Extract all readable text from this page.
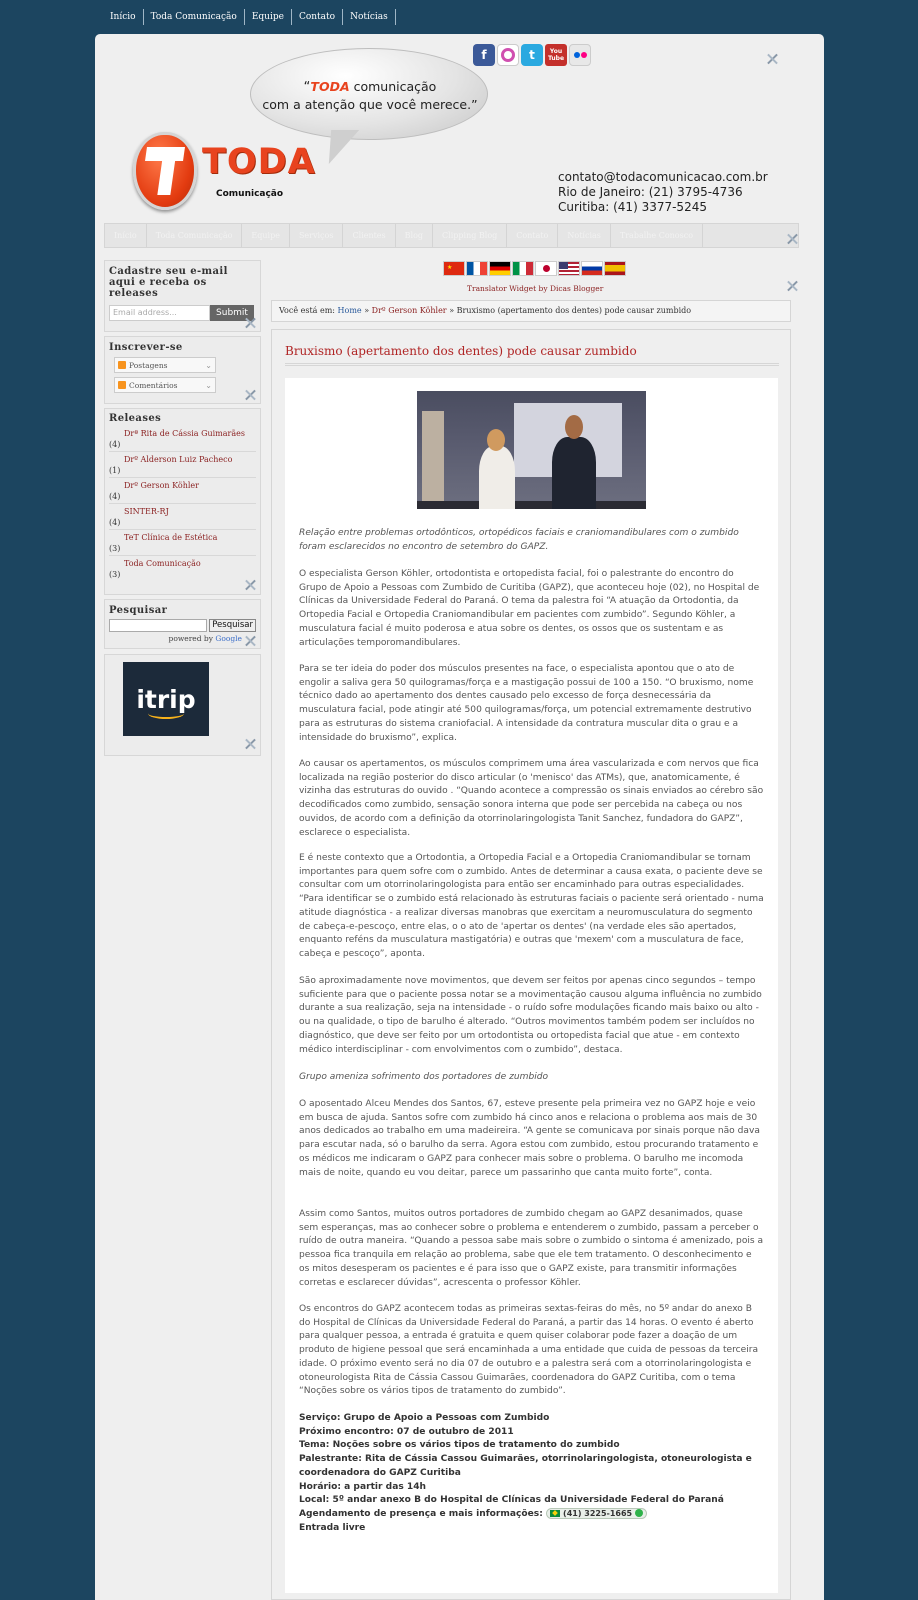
Início	Toda Comunicação	Equipe	Contato	Notícias
f	t	You
Tube
“TODA comunicação
com a atenção que você merece.”
TODA
Comunicação
contato@todacomunicacao.com.br
Rio de Janeiro: (21) 3795-4736
Curitiba: (41) 3377-5245
Início	Toda Comunicação	Equipe	Serviços	Clientes	Blog	Clipping Blog	Contato	Notícias	Trabalhe Conosco
Cadastre seu e-mail aqui e receba os releases
Email address...	Submit
Inscrever-se
Postagens	⌄
Comentários	⌄
Releases
Drª Rita de Cássia Guimarães
(4)
Drº Alderson Luiz Pacheco
(1)
Drº Gerson Köhler
(4)
SINTER-RJ
(4)
TeT Clínica de Estética
(3)
Toda Comunicação
(3)
Pesquisar
Pesquisar
powered by Google
itrip
★
Translator Widget by Dicas Blogger
Você está em: Home » Drº Gerson Köhler » Bruxismo (apertamento dos dentes) pode causar zumbido
Bruxismo (apertamento dos dentes) pode causar zumbido
Relação entre problemas ortodônticos, ortopédicos faciais e craniomandibulares com o zumbido foram esclarecidos no encontro de setembro do GAPZ.
O especialista Gerson Köhler, ortodontista e ortopedista facial, foi o palestrante do encontro do Grupo de Apoio a Pessoas com Zumbido de Curitiba (GAPZ), que aconteceu hoje (02), no Hospital de Clínicas da Universidade Federal do Paraná. O tema da palestra foi “A atuação da Ortodontia, da Ortopedia Facial e Ortopedia Craniomandibular em pacientes com zumbido”. Segundo Köhler, a musculatura facial é muito poderosa e atua sobre os dentes, os ossos que os sustentam e as articulações temporomandibulares.
Para se ter ideia do poder dos músculos presentes na face, o especialista apontou que o ato de engolir a saliva gera 50 quilogramas/força e a mastigação possui de 100 a 150. “O bruxismo, nome técnico dado ao apertamento dos dentes causado pelo excesso de força desnecessária da musculatura facial, pode atingir até 500 quilogramas/força, um potencial extremamente destrutivo para as estruturas do sistema craniofacial. A intensidade da contratura muscular dita o grau e a intensidade do bruxismo”, explica.
Ao causar os apertamentos, os músculos comprimem uma área vascularizada e com nervos que fica localizada na região posterior do disco articular (o 'menisco' das ATMs), que, anatomicamente, é vizinha das estruturas do ouvido . “Quando acontece a compressão os sinais enviados ao cérebro são decodificados como zumbido, sensação sonora interna que pode ser percebida na cabeça ou nos ouvidos, de acordo com a definição da otorrinolaringologista Tanit Sanchez, fundadora do GAPZ”, esclarece o especialista.
E é neste contexto que a Ortodontia, a Ortopedia Facial e a Ortopedia Craniomandibular se tornam importantes para quem sofre com o zumbido. Antes de determinar a causa exata, o paciente deve se consultar com um otorrinolaringologista para então ser encaminhado para outras especialidades. “Para identificar se o zumbido está relacionado às estruturas faciais o paciente será orientado - numa atitude diagnóstica - a realizar diversas manobras que exercitam a neuromusculatura do segmento de cabeça-e-pescoço, entre elas, o o ato de 'apertar os dentes' (na verdade eles são apertados, enquanto reféns da musculatura mastigatória) e outras que 'mexem' com a musculatura de face, cabeça e pescoço”, aponta.
São aproximadamente nove movimentos, que devem ser feitos por apenas cinco segundos – tempo suficiente para que o paciente possa notar se a movimentação causou alguma influência no zumbido durante a sua realização, seja na intensidade - o ruído sofre modulações ficando mais baixo ou alto - ou na qualidade, o tipo de barulho é alterado. “Outros movimentos também podem ser incluídos no diagnóstico, que deve ser feito por um ortodontista ou ortopedista facial que atue - em contexto médico interdisciplinar - com envolvimentos com o zumbido”, destaca.
Grupo ameniza sofrimento dos portadores de zumbido
O aposentado Alceu Mendes dos Santos, 67, esteve presente pela primeira vez no GAPZ hoje e veio em busca de ajuda. Santos sofre com zumbido há cinco anos e relaciona o problema aos mais de 30 anos dedicados ao trabalho em uma madeireira. “A gente se comunicava por sinais porque não dava para escutar nada, só o barulho da serra. Agora estou com zumbido, estou procurando tratamento e os médicos me indicaram o GAPZ para conhecer mais sobre o problema. O barulho me incomoda mais de noite, quando eu vou deitar, parece um passarinho que canta muito forte”, conta.
Assim como Santos, muitos outros portadores de zumbido chegam ao GAPZ desanimados, quase sem esperanças, mas ao conhecer sobre o problema e entenderem o zumbido, passam a perceber o ruído de outra maneira. “Quando a pessoa sabe mais sobre o zumbido o sintoma é amenizado, pois a pessoa fica tranquila em relação ao problema, sabe que ele tem tratamento. O desconhecimento e os mitos desesperam os pacientes e é para isso que o GAPZ existe, para transmitir informações corretas e esclarecer dúvidas”, acrescenta o professor Köhler.
Os encontros do GAPZ acontecem todas as primeiras sextas-feiras do mês, no 5º andar do anexo B do Hospital de Clínicas da Universidade Federal do Paraná, a partir das 14 horas. O evento é aberto para qualquer pessoa, a entrada é gratuita e quem quiser colaborar pode fazer a doação de um produto de higiene pessoal que será encaminhada a uma entidade que cuida de pessoas da terceira idade. O próximo evento será no dia 07 de outubro e a palestra será com a otorrinolaringologista e otoneurologista Rita de Cássia Cassou Guimarães, coordenadora do GAPZ Curitiba, com o tema “Noções sobre os vários tipos de tratamento do zumbido”.
Serviço: Grupo de Apoio a Pessoas com Zumbido
Próximo encontro: 07 de outubro de 2011
Tema: Noções sobre os vários tipos de tratamento do zumbido
Palestrante: Rita de Cássia Cassou Guimarães, otorrinolaringologista, otoneurologista e coordenadora do GAPZ Curitiba
Horário: a partir das 14h
Local: 5º andar anexo B do Hospital de Clínicas da Universidade Federal do Paraná
Agendamento de presença e mais informações:	(41) 3225-1665
Entrada livre
